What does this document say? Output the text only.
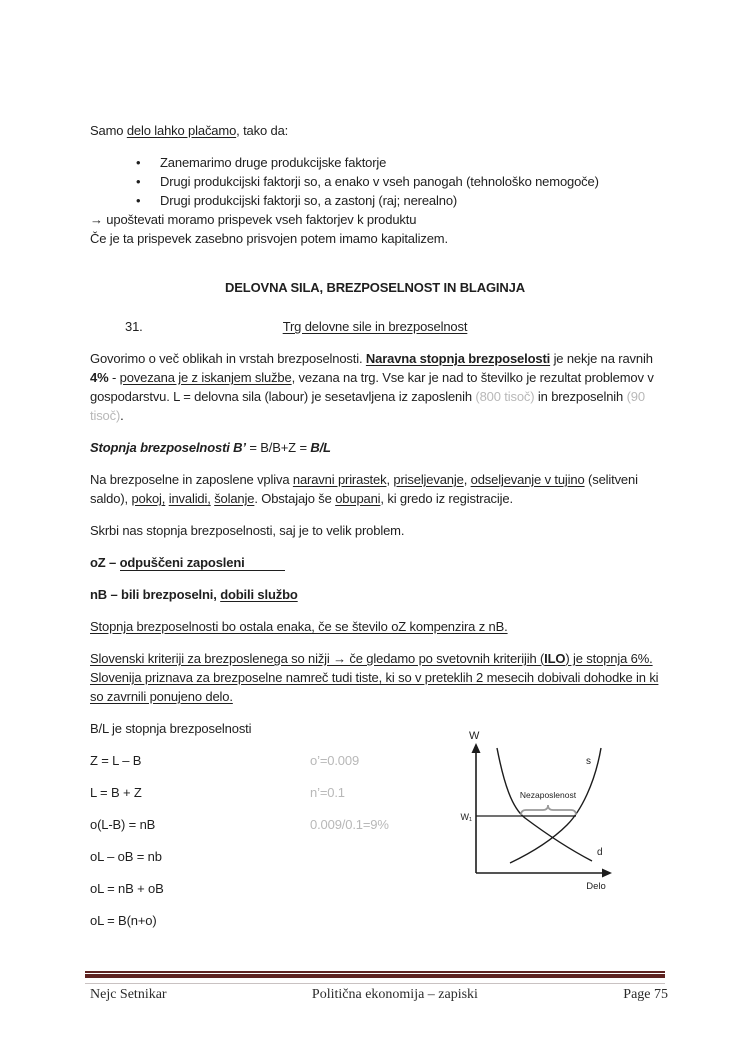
Samo delo lahko plačamo, tako da:

• Zanemarimo druge produkcijske faktorje
• Drugi produkcijski faktorji so, a enako v vseh panogah (tehnološko nemogoče)
• Drugi produkcijski faktorji so, a zastonj (raj; nerealno)

→ upoštevati moramo prispevek vseh faktorjev k produktu

Če je ta prispevek zasebno prisvojen potem imamo kapitalizem.

DELOVNA SILA, BREZPOSELNOST IN BLAGINJA

31.	Trg delovne sile in brezposelnost

Govorimo o več oblikah in vrstah brezposelnosti. Naravna stopnja brezposelosti je nekje na ravnih 4% - povezana je z iskanjem službe, vezana na trg. Vse kar je nad to številko je rezultat problemov v gospodarstvu. L = delovna sila (labour) je sesetavljena iz zaposlenih (800 tisoč) in brezposelnih (90 tisoč).

Stopnja brezposelnosti B’ = B/B+Z = B/L

Na brezposelne in zaposlene vpliva naravni prirastek, priseljevanje, odseljevanje v tujino (selitveni saldo), pokoj, invalidi, šolanje. Obstajajo še obupani, ki gredo iz registracije.

Skrbi nas stopnja brezposelnosti, saj je to velik problem.

oZ – odpuščeni zaposleni

nB – bili brezposelni, dobili službo

Stopnja brezposelnosti bo ostala enaka, če se število oZ kompenzira z nB.

Slovenski kriteriji za brezposlenega so nižji → če gledamo po svetovnih kriterijih (ILO) je stopnja 6%. Slovenija priznava za brezposelne namreč tudi tiste, ki so v preteklih 2 mesecih dobivali dohodke in ki so zavrnili ponujeno delo.

B/L je stopnja brezposelnosti

Z = L – B	o’=0.009
L = B + Z	n’=0.1
o(L-B) = nB	0.009/0.1=9%
oL – oB = nb
oL = nB + oB
oL = B(n+o)
W
W₁
Nezaposlenost
s
d
Delo
Nejc Setnikar	Politična ekonomija – zapiski	Page 75
